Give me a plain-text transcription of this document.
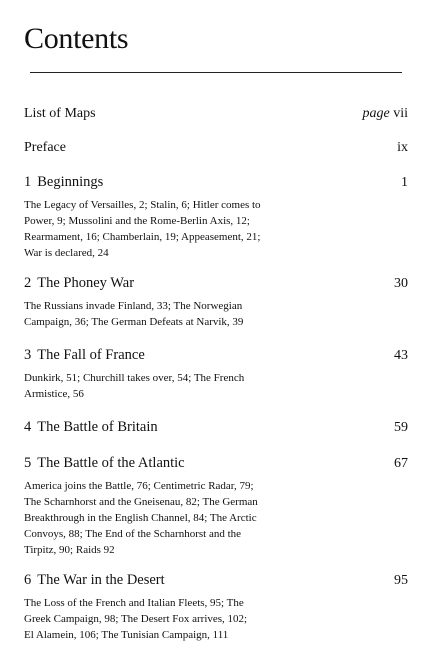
Contents
List of Maps	page vii
Preface	ix
1 Beginnings	1
The Legacy of Versailles, 2; Stalin, 6; Hitler comes to
Power, 9; Mussolini and the Rome-Berlin Axis, 12;
Rearmament, 16; Chamberlain, 19; Appeasement, 21;
War is declared, 24
2 The Phoney War	30
The Russians invade Finland, 33; The Norwegian
Campaign, 36; The German Defeats at Narvik, 39
3 The Fall of France	43
Dunkirk, 51; Churchill takes over, 54; The French
Armistice, 56
4 The Battle of Britain	59
5 The Battle of the Atlantic	67
America joins the Battle, 76; Centimetric Radar, 79;
The Scharnhorst and the Gneisenau, 82; The German
Breakthrough in the English Channel, 84; The Arctic
Convoys, 88; The End of the Scharnhorst and the
Tirpitz, 90; Raids 92
6 The War in the Desert	95
The Loss of the French and Italian Fleets, 95; The
Greek Campaign, 98; The Desert Fox arrives, 102;
El Alamein, 106; The Tunisian Campaign, 111
